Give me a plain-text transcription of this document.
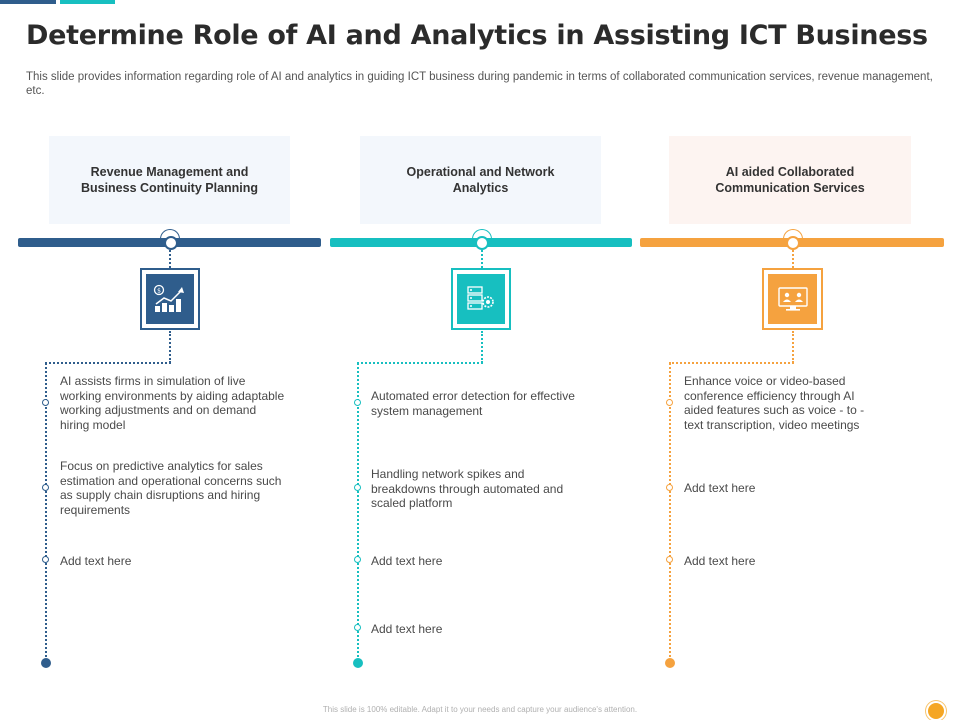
Determine Role of AI and Analytics in Assisting ICT Business
This slide provides information regarding role of AI and analytics in guiding ICT business during pandemic in terms of collaborated communication services, revenue management, etc.
Revenue Management and Business Continuity Planning
$
AI assists firms in simulation of live working environments by aiding adaptable working adjustments and on demand hiring model
Focus on predictive analytics for sales estimation and operational concerns such as supply chain disruptions and hiring requirements
Add text here
Operational and Network Analytics
Automated error detection for effective system management
Handling network spikes and breakdowns through automated and scaled platform
Add text here
Add text here
AI aided Collaborated Communication Services
Enhance voice or video-based conference efficiency through AI aided features such as voice - to - text transcription, video meetings
Add text here
Add text here
This slide is 100% editable. Adapt it to your needs and capture your audience's attention.
